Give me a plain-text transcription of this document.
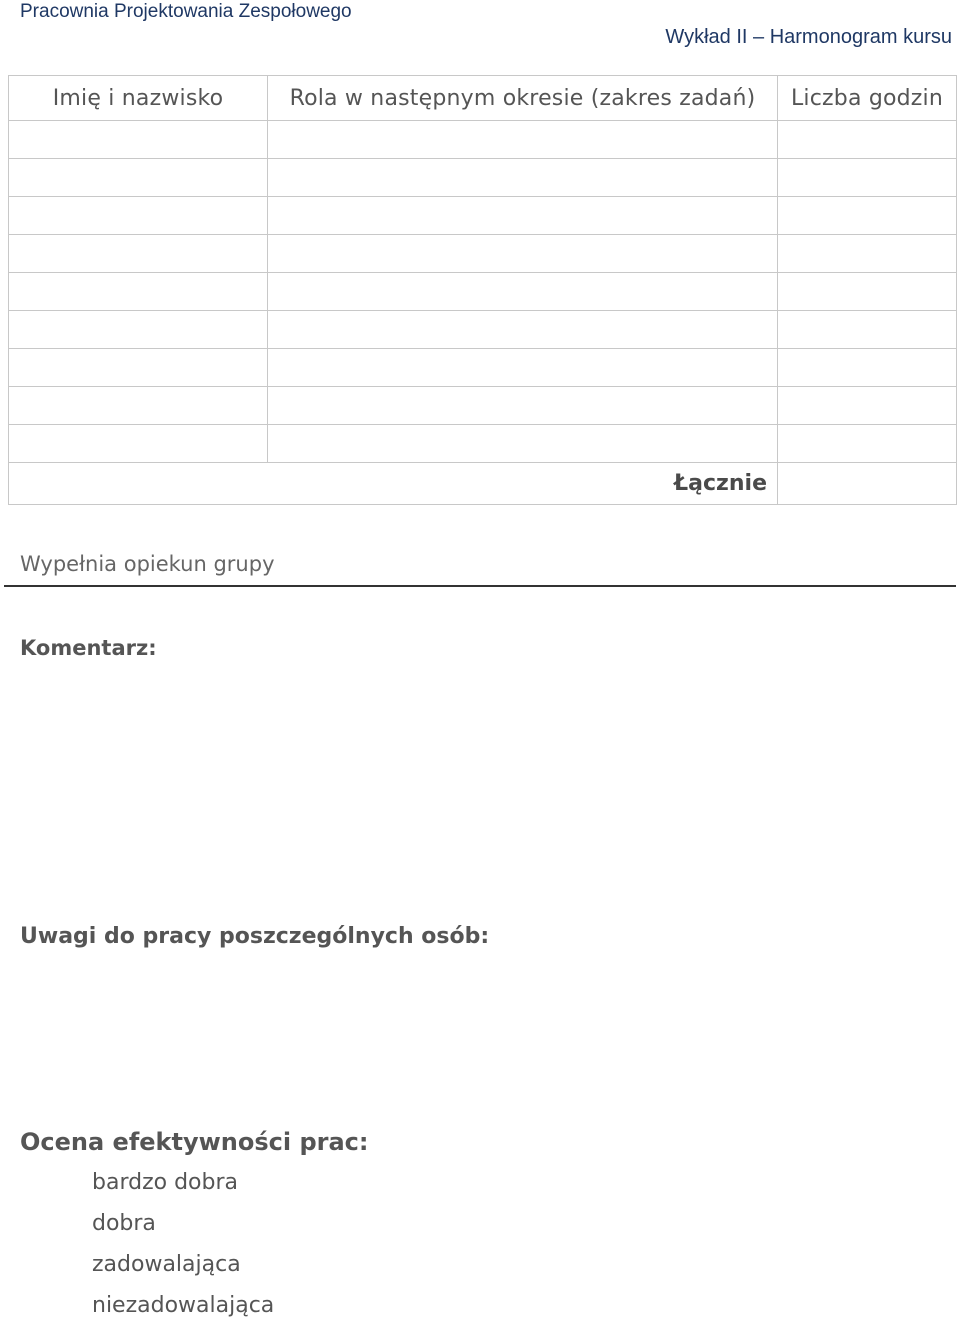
Pracownia Projektowania Zespołowego
Wykład II – Harmonogram kursu
Imię i nazwisko	Rola w następnym okresie (zakres zadań)	Liczba godzin

Łącznie		
Wypełnia opiekun grupy
Komentarz:
Uwagi do pracy poszczególnych osób:
Ocena efektywności prac:
bardzo dobra
dobra
zadowalająca
niezadowalająca
